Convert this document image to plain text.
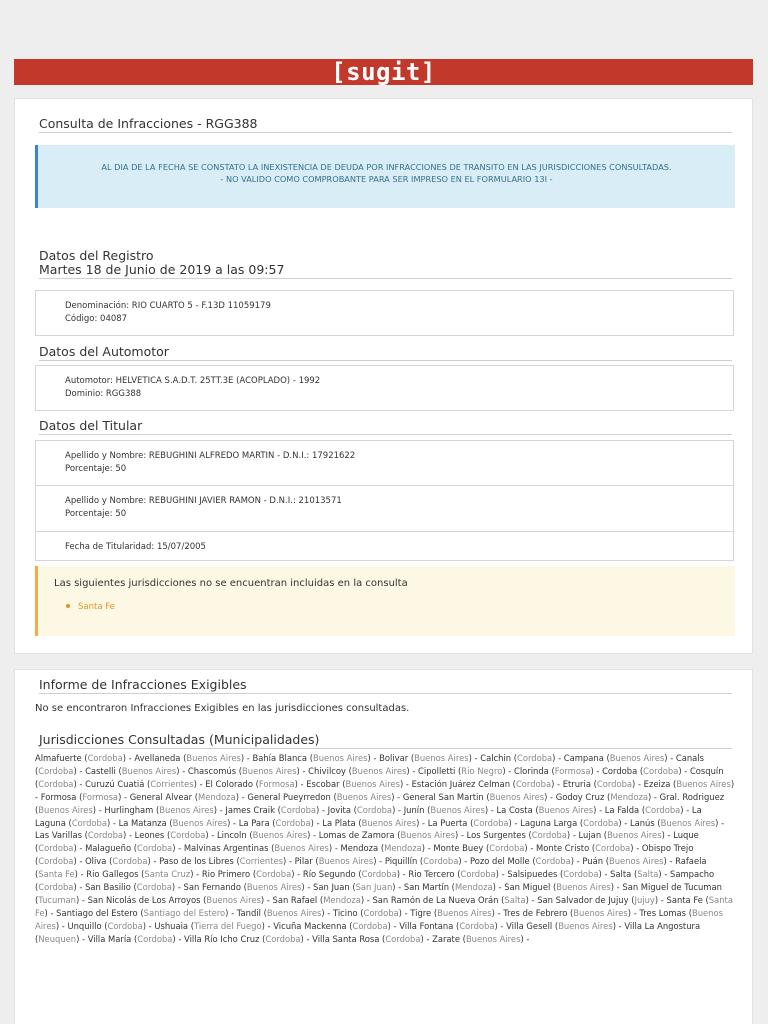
[sugit]
Consulta de Infracciones - RGG388
AL DIA DE LA FECHA SE CONSTATO LA INEXISTENCIA DE DEUDA POR INFRACCIONES DE TRANSITO EN LAS JURISDICCIONES CONSULTADAS.
- NO VALIDO COMO COMPROBANTE PARA SER IMPRESO EN EL FORMULARIO 13I -
Datos del Registro
Martes 18 de Junio de 2019 a las 09:57
Denominación: RIO CUARTO 5 - F.13D 11059179
Código: 04087
Datos del Automotor
Automotor: HELVETICA S.A.D.T. 25TT.3E (ACOPLADO) - 1992
Dominio: RGG388
Datos del Titular
Apellido y Nombre: REBUGHINI ALFREDO MARTIN - D.N.I.: 17921622
Porcentaje: 50
Apellido y Nombre: REBUGHINI JAVIER RAMON - D.N.I.: 21013571
Porcentaje: 50
Fecha de Titularidad: 15/07/2005
Las siguientes jurisdicciones no se encuentran incluidas en la consulta
Santa Fe
Informe de Infracciones Exigibles
No se encontraron Infracciones Exigibles en las jurisdicciones consultadas.
Jurisdicciones Consultadas (Municipalidades)
Almafuerte (Cordoba) - Avellaneda (Buenos Aires) - Bahía Blanca (Buenos Aires) - Bolivar (Buenos Aires) - Calchin (Cordoba) - Campana (Buenos Aires) - Canals (Cordoba) - Castelli (Buenos Aires) - Chascomús (Buenos Aires) - Chivilcoy (Buenos Aires) - Cipolletti (Rio Negro) - Clorinda (Formosa) - Cordoba (Cordoba) - Cosquín (Cordoba) - Curuzú Cuatiá (Corrientes) - El Colorado (Formosa) - Escobar (Buenos Aires) - Estación Juárez Celman (Cordoba) - Etruria (Cordoba) - Ezeiza (Buenos Aires) - Formosa (Formosa) - General Alvear (Mendoza) - General Pueyrredon (Buenos Aires) - General San Martin (Buenos Aires) - Godoy Cruz (Mendoza) - Gral. Rodriguez (Buenos Aires) - Hurlingham (Buenos Aires) - James Craik (Cordoba) - Jovita (Cordoba) - Junín (Buenos Aires) - La Costa (Buenos Aires) - La Falda (Cordoba) - La Laguna (Cordoba) - La Matanza (Buenos Aires) - La Para (Cordoba) - La Plata (Buenos Aires) - La Puerta (Cordoba) - Laguna Larga (Cordoba) - Lanús (Buenos Aires) - Las Varillas (Cordoba) - Leones (Cordoba) - Lincoln (Buenos Aires) - Lomas de Zamora (Buenos Aires) - Los Surgentes (Cordoba) - Lujan (Buenos Aires) - Luque (Cordoba) - Malagueño (Cordoba) - Malvinas Argentinas (Buenos Aires) - Mendoza (Mendoza) - Monte Buey (Cordoba) - Monte Cristo (Cordoba) - Obispo Trejo (Cordoba) - Oliva (Cordoba) - Paso de los Libres (Corrientes) - Pilar (Buenos Aires) - Piquillín (Cordoba) - Pozo del Molle (Cordoba) - Puán (Buenos Aires) - Rafaela (Santa Fe) - Rio Gallegos (Santa Cruz) - Rio Primero (Cordoba) - Río Segundo (Cordoba) - Rio Tercero (Cordoba) - Salsipuedes (Cordoba) - Salta (Salta) - Sampacho (Cordoba) - San Basilio (Cordoba) - San Fernando (Buenos Aires) - San Juan (San Juan) - San Martín (Mendoza) - San Miguel (Buenos Aires) - San Miguel de Tucuman (Tucuman) - San Nicolás de Los Arroyos (Buenos Aires) - San Rafael (Mendoza) - San Ramón de La Nueva Orán (Salta) - San Salvador de Jujuy (Jujuy) - Santa Fe (Santa Fe) - Santiago del Estero (Santiago del Estero) - Tandil (Buenos Aires) - Ticino (Cordoba) - Tigre (Buenos Aires) - Tres de Febrero (Buenos Aires) - Tres Lomas (Buenos Aires) - Unquillo (Cordoba) - Ushuaia (Tierra del Fuego) - Vicuña Mackenna (Cordoba) - Villa Fontana (Cordoba) - Villa Gesell (Buenos Aires) - Villa La Angostura (Neuquen) - Villa María (Cordoba) - Villa Río Icho Cruz (Cordoba) - Villa Santa Rosa (Cordoba) - Zarate (Buenos Aires) -
